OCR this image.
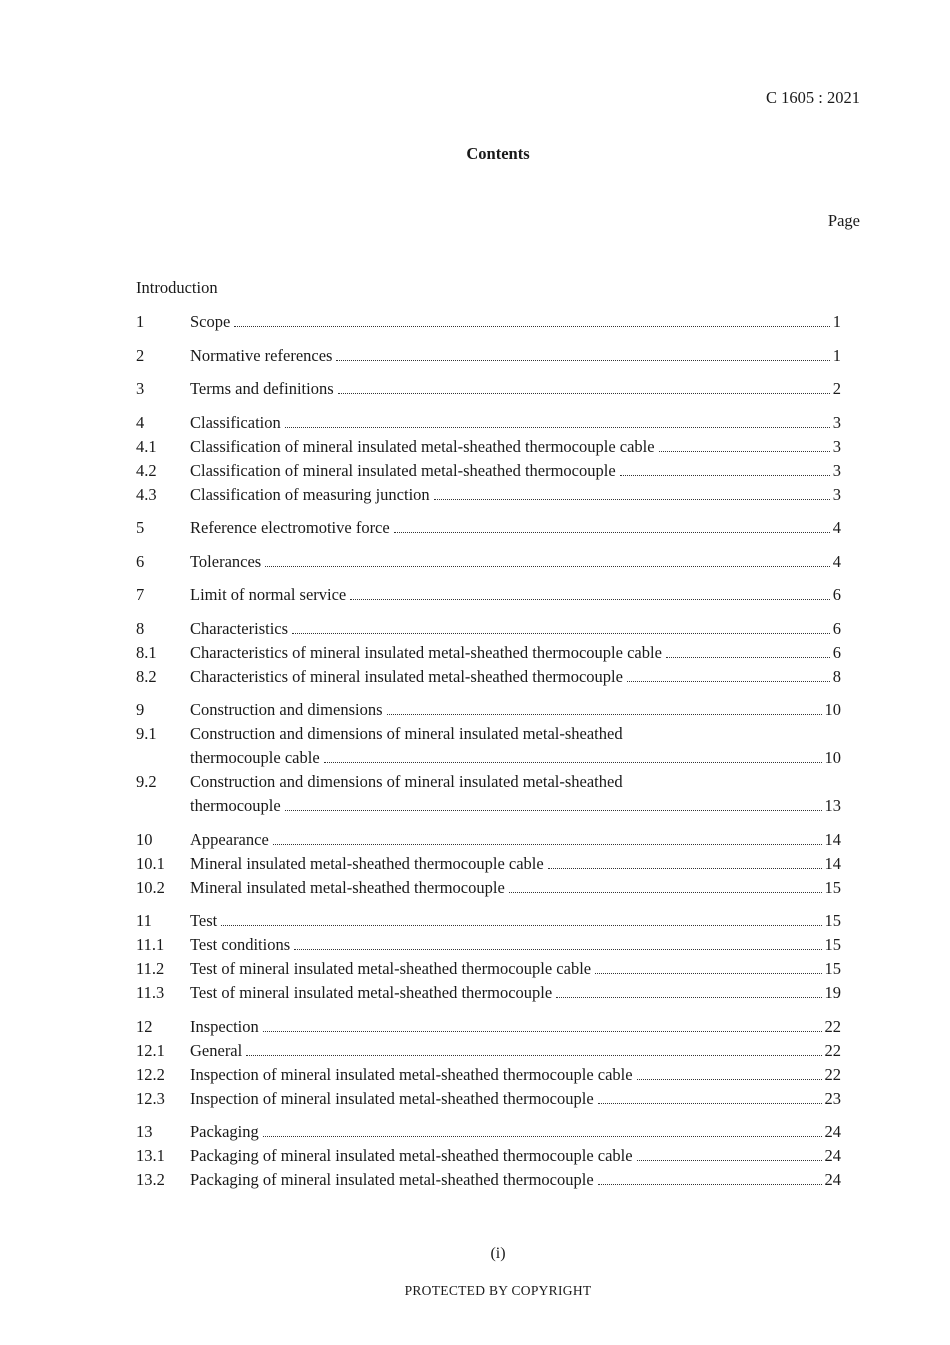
C 1605 : 2021
Contents
Page
Introduction
1	Scope	1
2	Normative references	1
3	Terms and definitions	2
4	Classification	3
4.1	Classification of mineral insulated metal-sheathed thermocouple cable	3
4.2	Classification of mineral insulated metal-sheathed thermocouple	3
4.3	Classification of measuring junction	3
5	Reference electromotive force	4
6	Tolerances	4
7	Limit of normal service	6
8	Characteristics	6
8.1	Characteristics of mineral insulated metal-sheathed thermocouple cable	6
8.2	Characteristics of mineral insulated metal-sheathed thermocouple	8
9	Construction and dimensions	10
9.1	Construction and dimensions of mineral insulated metal-sheathed
thermocouple cable	10
9.2	Construction and dimensions of mineral insulated metal-sheathed
thermocouple	13
10	Appearance	14
10.1	Mineral insulated metal-sheathed thermocouple cable	14
10.2	Mineral insulated metal-sheathed thermocouple	15
11	Test	15
11.1	Test conditions	15
11.2	Test of mineral insulated metal-sheathed thermocouple cable	15
11.3	Test of mineral insulated metal-sheathed thermocouple	19
12	Inspection	22
12.1	General	22
12.2	Inspection of mineral insulated metal-sheathed thermocouple cable	22
12.3	Inspection of mineral insulated metal-sheathed thermocouple	23
13	Packaging	24
13.1	Packaging of mineral insulated metal-sheathed thermocouple cable	24
13.2	Packaging of mineral insulated metal-sheathed thermocouple	24
(i)
PROTECTED BY COPYRIGHT
